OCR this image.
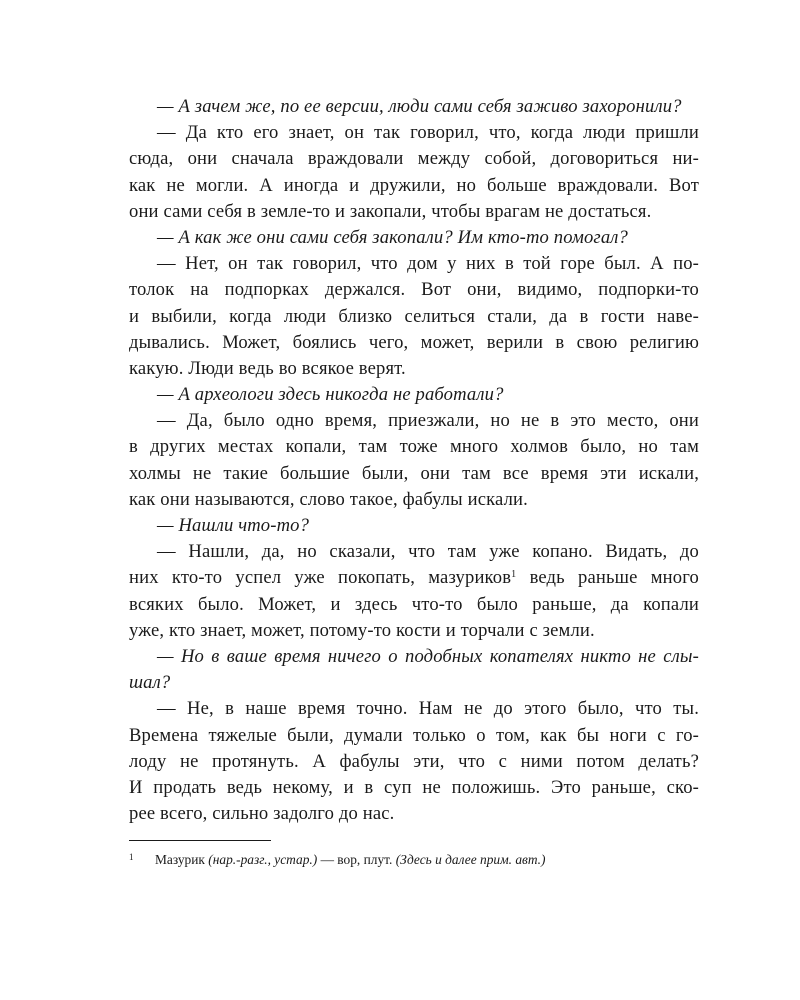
— А зачем же, по ее версии, люди сами себя заживо захоронили?
— Да кто его знает, он так говорил, что, когда люди пришли
сюда, они сначала враждовали между собой, договориться ни-
как не могли. А иногда и дружили, но больше враждовали. Вот
они сами себя в земле-то и закопали, чтобы врагам не достаться.
— А как же они сами себя закопали? Им кто-то помогал?
— Нет, он так говорил, что дом у них в той горе был. А по-
толок на подпорках держался. Вот они, видимо, подпорки-то
и выбили, когда люди близко селиться стали, да в гости наве-
дывались. Может, боялись чего, может, верили в свою религию
какую. Люди ведь во всякое верят.
— А археологи здесь никогда не работали?
— Да, было одно время, приезжали, но не в это место, они
в других местах копали, там тоже много холмов было, но там
холмы не такие большие были, они там все время эти искали,
как они называются, слово такое, фабулы искали.
— Нашли что-то?
— Нашли, да, но сказали, что там уже копано. Видать, до
них кто-то успел уже покопать, мазуриков$^1$ ведь раньше много
всяких было. Может, и здесь что-то было раньше, да копали
уже, кто знает, может, потому-то кости и торчали с земли.
— Но в ваше время ничего о подобных копателях никто не слы-
шал?
— Не, в наше время точно. Нам не до этого было, что ты.
Времена тяжелые были, думали только о том, как бы ноги с го-
лоду не протянуть. А фабулы эти, что с ними потом делать?
И продать ведь некому, и в суп не положишь. Это раньше, ско-
рее всего, сильно задолго до нас.
1 Мазурик (нар.-разг., устар.) — вор, плут. (Здесь и далее прим. авт.)
